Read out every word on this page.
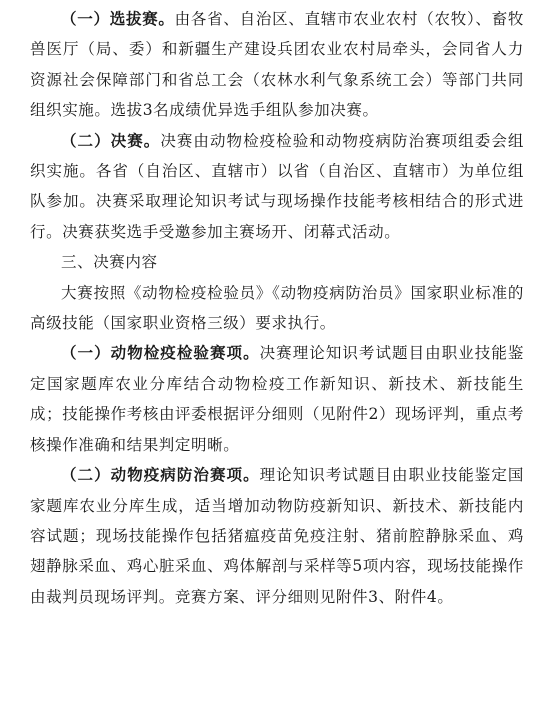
（一）选拔赛。由各省、自治区、直辖市农业农村（农牧）、畜牧兽医厅（局、委）和新疆生产建设兵团农业农村局牵头，会同省人力资源社会保障部门和省总工会（农林水利气象系统工会）等部门共同组织实施。选拔3名成绩优异选手组队参加决赛。

（二）决赛。决赛由动物检疫检验和动物疫病防治赛项组委会组织实施。各省（自治区、直辖市）以省（自治区、直辖市）为单位组队参加。决赛采取理论知识考试与现场操作技能考核相结合的形式进行。决赛获奖选手受邀参加主赛场开、闭幕式活动。

三、决赛内容

大赛按照《动物检疫检验员》《动物疫病防治员》国家职业标准的高级技能（国家职业资格三级）要求执行。

（一）动物检疫检验赛项。决赛理论知识考试题目由职业技能鉴定国家题库农业分库结合动物检疫工作新知识、新技术、新技能生成；技能操作考核由评委根据评分细则（见附件2）现场评判，重点考核操作准确和结果判定明晰。

（二）动物疫病防治赛项。理论知识考试题目由职业技能鉴定国家题库农业分库生成，适当增加动物防疫新知识、新技术、新技能内容试题；现场技能操作包括猪瘟疫苗免疫注射、猪前腔静脉采血、鸡翅静脉采血、鸡心脏采血、鸡体解剖与采样等5项内容，现场技能操作由裁判员现场评判。竞赛方案、评分细则见附件3、附件4。
